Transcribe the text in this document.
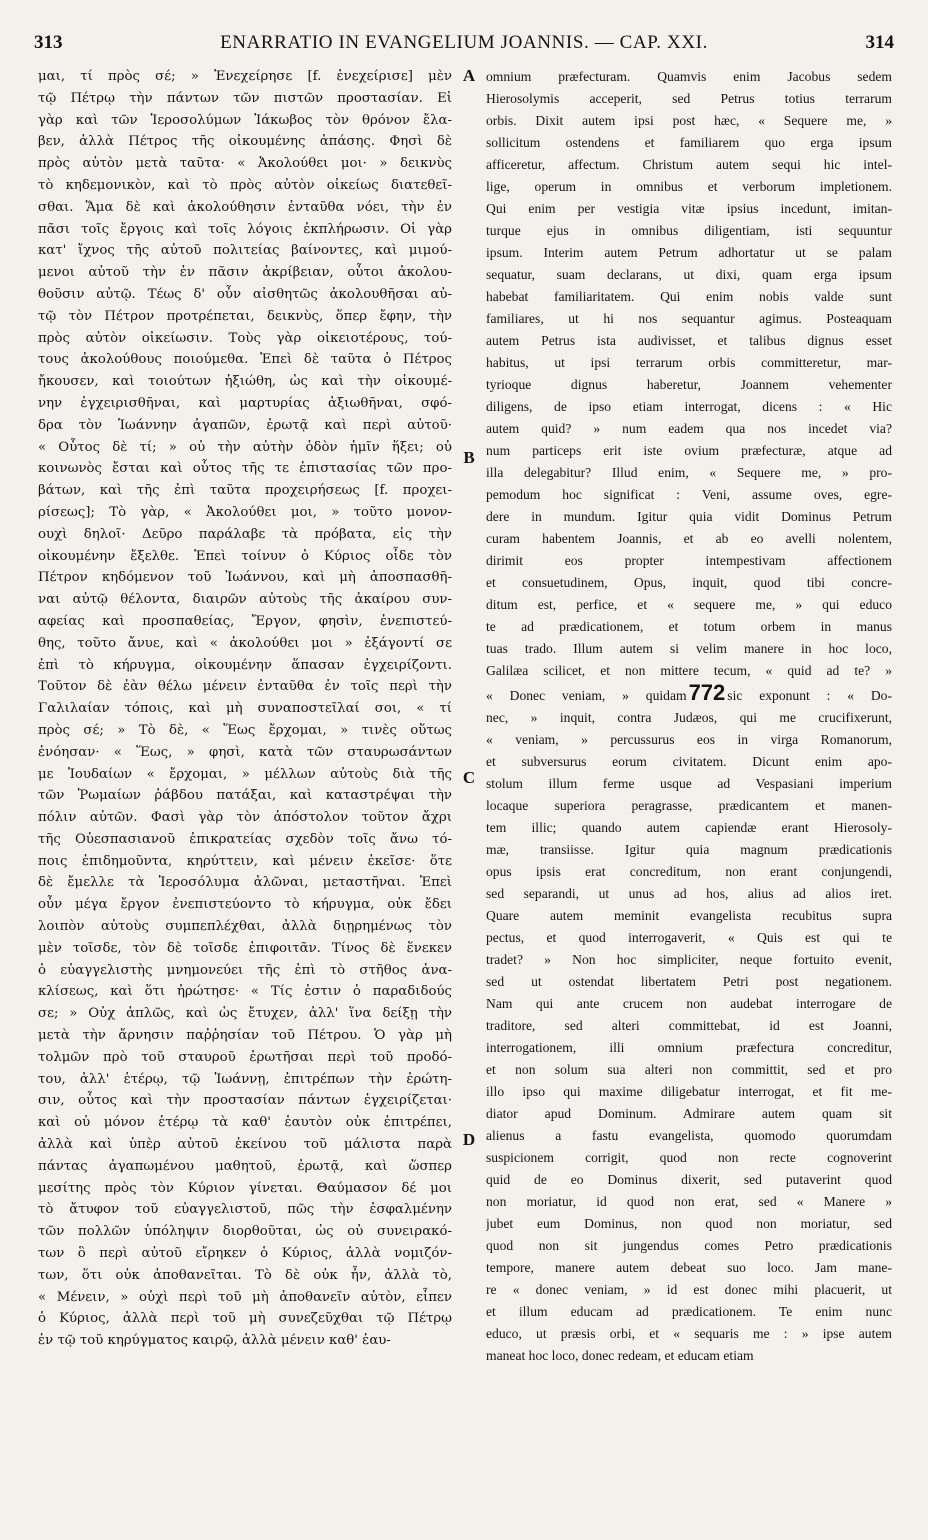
313	ENARRATIO IN EVANGELIUM JOANNIS. — CAP. XXI.	314
μαι, τί πρὸς σέ; » Ἐνεχείρησε [f. ἐνεχείρισε] μὲν
τῷ Πέτρῳ τὴν πάντων τῶν πιστῶν προστασίαν. Εἰ
γὰρ καὶ τῶν Ἱεροσολύμων Ἰάκωβος τὸν θρόνον ἔλα-
βεν, ἀλλὰ Πέτρος τῆς οἰκουμένης ἁπάσης. Φησὶ δὲ
πρὸς αὐτὸν μετὰ ταῦτα· « Ἀκολούθει μοι· » δεικνὺς
τὸ κηδεμονικὸν, καὶ τὸ πρὸς αὐτὸν οἰκείως διατεθεῖ-
σθαι. Ἅμα δὲ καὶ ἀκολούθησιν ἐνταῦθα νόει, τὴν ἐν
πᾶσι τοῖς ἔργοις καὶ τοῖς λόγοις ἐκπλήρωσιν. Οἱ γὰρ
κατ' ἴχνος τῆς αὐτοῦ πολιτείας βαίνοντες, καὶ μιμού-
μενοι αὐτοῦ τὴν ἐν πᾶσιν ἀκρίβειαν, οὗτοι ἀκολου-
θοῦσιν αὐτῷ. Τέως δ' οὖν αἰσθητῶς ἀκολουθῆσαι αὐ-
τῷ τὸν Πέτρον προτρέπεται, δεικνὺς, ὅπερ ἔφην, τὴν
πρὸς αὐτὸν οἰκείωσιν. Τοὺς γὰρ οἰκειοτέρους, τού-
τους ἀκολούθους ποιούμεθα. Ἐπεὶ δὲ ταῦτα ὁ Πέτρος
ἤκουσεν, καὶ τοιούτων ἠξιώθη, ὡς καὶ τὴν οἰκουμέ-
νην ἐγχειρισθῆναι, καὶ μαρτυρίας ἀξιωθῆναι, σφό-
δρα τὸν Ἰωάννην ἀγαπῶν, ἐρωτᾷ καὶ περὶ αὐτοῦ·
« Οὗτος δὲ τί; » οὐ τὴν αὐτὴν ὁδὸν ἡμῖν ἥξει; οὐ
κοινωνὸς ἔσται καὶ οὗτος τῆς τε ἐπιστασίας τῶν προ-
βάτων, καὶ τῆς ἐπὶ ταῦτα προχειρήσεως [f. προχει-
ρίσεως]; Τὸ γὰρ, « Ἀκολούθει μοι, » τοῦτο μονον-
ουχὶ δηλοῖ· Δεῦρο παράλαβε τὰ πρόβατα, εἰς τὴν
οἰκουμένην ἔξελθε. Ἐπεὶ τοίνυν ὁ Κύριος οἶδε τὸν
Πέτρον κηδόμενον τοῦ Ἰωάννου, καὶ μὴ ἀποσπασθῆ-
ναι αὐτῷ θέλοντα, διαιρῶν αὐτοὺς τῆς ἀκαίρου συν-
αφείας καὶ προσπαθείας, Ἔργον, φησὶν, ἐνεπιστεύ-
θης, τοῦτο ἄνυε, καὶ « ἀκολούθει μοι » ἐξάγοντί σε
ἐπὶ τὸ κήρυγμα, οἰκουμένην ἅπασαν ἐγχειρίζοντι.
Τοῦτον δὲ ἐὰν θέλω μένειν ἐνταῦθα ἐν τοῖς περὶ τὴν
Γαλιλαίαν τόποις, καὶ μὴ συναποστεῖλαί σοι, « τί
πρὸς σέ; » Τὸ δὲ, « Ἕως ἔρχομαι, » τινὲς οὕτως
ἐνόησαν· « Ἕως, » φησὶ, κατὰ τῶν σταυρωσάντων
με Ἰουδαίων « ἔρχομαι, » μέλλων αὐτοὺς διὰ τῆς
τῶν Ῥωμαίων ῥάβδου πατάξαι, καὶ καταστρέψαι τὴν
πόλιν αὐτῶν. Φασὶ γὰρ τὸν ἀπόστολον τοῦτον ἄχρι
τῆς Οὐεσπασιανοῦ ἐπικρατείας σχεδὸν τοῖς ἄνω τό-
ποις ἐπιδημοῦντα, κηρύττειν, καὶ μένειν ἐκεῖσε· ὅτε
δὲ ἔμελλε τὰ Ἱεροσόλυμα ἁλῶναι, μεταστῆναι. Ἐπεὶ
οὖν μέγα ἔργον ἐνεπιστεύοντο τὸ κήρυγμα, οὐκ ἔδει
λοιπὸν αὐτοὺς συμπεπλέχθαι, ἀλλὰ διῃρημένως τὸν
μὲν τοῖσδε, τὸν δὲ τοῖσδε ἐπιφοιτᾶν. Τίνος δὲ ἕνεκεν
ὁ εὐαγγελιστὴς μνημονεύει τῆς ἐπὶ τὸ στῆθος ἀνα-
κλίσεως, καὶ ὅτι ἠρώτησε· « Τίς ἐστιν ὁ παραδιδούς
σε; » Οὐχ ἁπλῶς, καὶ ὡς ἔτυχεν, ἀλλ' ἵνα δείξῃ τὴν
μετὰ τὴν ἄρνησιν παῤῥησίαν τοῦ Πέτρου. Ὁ γὰρ μὴ
τολμῶν πρὸ τοῦ σταυροῦ ἐρωτῆσαι περὶ τοῦ προδό-
του, ἀλλ' ἑτέρῳ, τῷ Ἰωάννῃ, ἐπιτρέπων τὴν ἐρώτη-
σιν, οὗτος καὶ τὴν προστασίαν πάντων ἐγχειρίζεται·
καὶ οὐ μόνον ἑτέρῳ τὰ καθ' ἑαυτὸν οὐκ ἐπιτρέπει,
ἀλλὰ καὶ ὑπὲρ αὐτοῦ ἐκείνου τοῦ μάλιστα παρὰ
πάντας ἀγαπωμένου μαθητοῦ, ἐρωτᾷ, καὶ ὥσπερ
μεσίτης πρὸς τὸν Κύριον γίνεται. Θαύμασον δέ μοι
τὸ ἄτυφον τοῦ εὐαγγελιστοῦ, πῶς τὴν ἐσφαλμένην
τῶν πολλῶν ὑπόληψιν διορθοῦται, ὡς οὐ συνειρακό-
των ὃ περὶ αὐτοῦ εἴρηκεν ὁ Κύριος, ἀλλὰ νομιζόν-
των, ὅτι οὐκ ἀποθανεῖται. Τὸ δὲ οὐκ ἦν, ἀλλὰ τὸ,
« Μένειν, » οὐχὶ περὶ τοῦ μὴ ἀποθανεῖν αὐτὸν, εἶπεν
ὁ Κύριος, ἀλλὰ περὶ τοῦ μὴ συνεζεῦχθαι τῷ Πέτρῳ
ἐν τῷ τοῦ κηρύγματος καιρῷ, ἀλλὰ μένειν καθ' ἑαυ-
A
B
C
D
omnium præfecturam. Quamvis enim Jacobus sedem
Hierosolymis acceperit, sed Petrus totius terrarum
orbis. Dixit autem ipsi post hæc, « Sequere me, »
sollicitum ostendens et familiarem quo erga ipsum
afficeretur, affectum. Christum autem sequi hic intel-
lige, operum in omnibus et verborum impletionem.
Qui enim per vestigia vitæ ipsius incedunt, imitan-
turque ejus in omnibus diligentiam, isti sequuntur
ipsum. Interim autem Petrum adhortatur ut se palam
sequatur, suam declarans, ut dixi, quam erga ipsum
habebat familiaritatem. Qui enim nobis valde sunt
familiares, ut hi nos sequantur agimus. Posteaquam
autem Petrus ista audivisset, et talibus dignus esset
habitus, ut ipsi terrarum orbis committeretur, mar-
tyrioque dignus haberetur, Joannem vehementer
diligens, de ipso etiam interrogat, dicens : « Hic
autem quid? » num eadem qua nos incedet via?
num particeps erit iste ovium præfecturæ, atque ad
illa delegabitur? Illud enim, « Sequere me, » pro-
pemodum hoc significat : Veni, assume oves, egre-
dere in mundum. Igitur quia vidit Dominus Petrum
curam habentem Joannis, et ab eo avelli nolentem,
dirimit eos propter intempestivam affectionem
et consuetudinem, Opus, inquit, quod tibi concre-
ditum est, perfice, et « sequere me, » qui educo
te ad prædicationem, et totum orbem in manus
tuas trado. Illum autem si velim manere in hoc loco,
Galilæa scilicet, et non mittere tecum, « quid ad te? »
« Donec veniam, » quidam772 sic exponunt : « Do-
nec, » inquit, contra Judæos, qui me crucifixerunt,
« veniam, » percussurus eos in virga Romanorum,
et subversurus eorum civitatem. Dicunt enim apo-
stolum illum ferme usque ad Vespasiani imperium
locaque superiora peragrasse, prædicantem et manen-
tem illic; quando autem capiendæ erant Hierosoly-
mæ, transiisse. Igitur quia magnum prædicationis
opus ipsis erat concreditum, non erant conjungendi,
sed separandi, ut unus ad hos, alius ad alios iret.
Quare autem meminit evangelista recubitus supra
pectus, et quod interrogaverit, « Quis est qui te
tradet? » Non hoc simpliciter, neque fortuito evenit,
sed ut ostendat libertatem Petri post negationem.
Nam qui ante crucem non audebat interrogare de
traditore, sed alteri committebat, id est Joanni,
interrogationem, illi omnium præfectura concreditur,
et non solum sua alteri non committit, sed et pro
illo ipso qui maxime diligebatur interrogat, et fit me-
diator apud Dominum. Admirare autem quam sit
alienus a fastu evangelista, quomodo quorumdam
suspicionem corrigit, quod non recte cognoverint
quid de eo Dominus dixerit, sed putaverint quod
non moriatur, id quod non erat, sed « Manere »
jubet eum Dominus, non quod non moriatur, sed
quod non sit jungendus comes Petro prædicationis
tempore, manere autem debeat suo loco. Jam mane-
re « donec veniam, » id est donec mihi placuerit, ut
et illum educam ad prædicationem. Te enim nunc
educo, ut præsis orbi, et « sequaris me : » ipse autem
maneat hoc loco, donec redeam, et educam etiam
